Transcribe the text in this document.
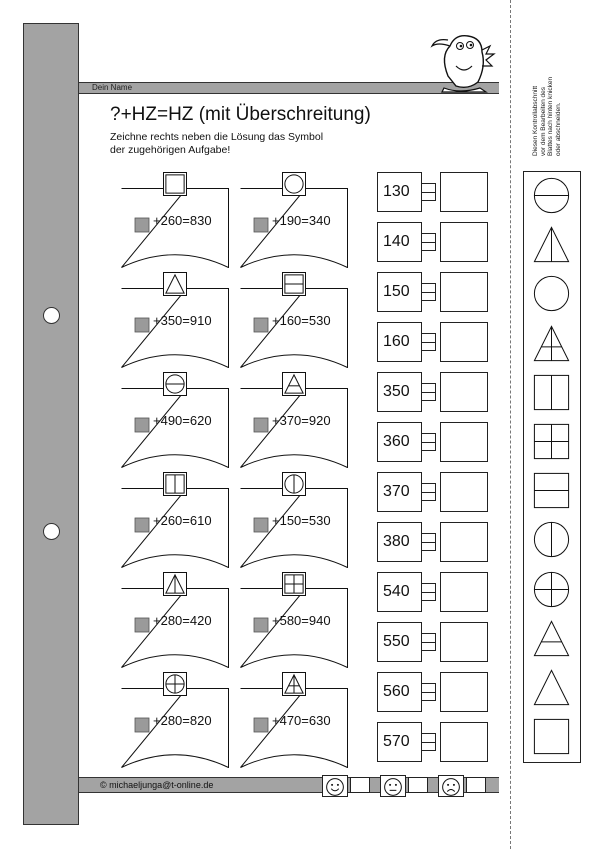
Dein Name
?+HZ=HZ (mit Überschreitung)
Zeichne rechts neben die Lösung das Symbol der zugehörigen Aufgabe!
+260=830	+190=340
+350=910	+160=530
+490=620	+370=920
+260=610	+150=530
+280=420	+580=940
+280=820	+470=630
130
140
150
160
350
360
370
380
540
550
560
570
Diesen Kontrollabschnitt vor dem Bearbeiten des Blattes nach hinten knicken oder abschneiden.
© michaeljunga@t-online.de
